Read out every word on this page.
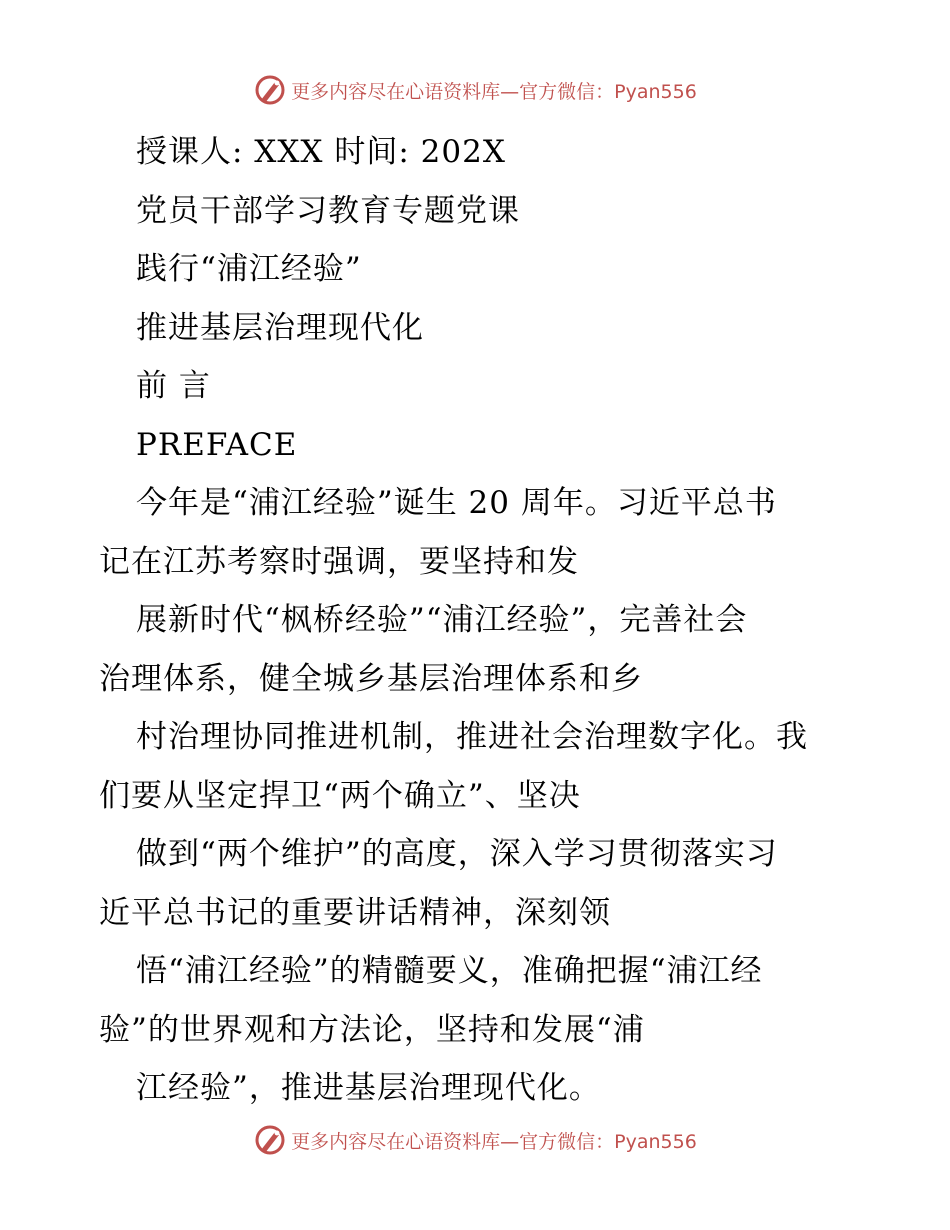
更多内容尽在心语资料库—官方微信：Pyan556
授课人: XXX 时间: 202X
党员干部学习教育专题党课
践行“浦江经验”
推进基层治理现代化
前 言
PREFACE
今年是“浦江经验”诞生 20 周年。习近平总书
记在江苏考察时强调，要坚持和发
展新时代“枫桥经验”“浦江经验”，完善社会
治理体系，健全城乡基层治理体系和乡
村治理协同推进机制，推进社会治理数字化。我
们要从坚定捍卫“两个确立”、坚决
做到“两个维护”的高度，深入学习贯彻落实习
近平总书记的重要讲话精神，深刻领
悟“浦江经验”的精髓要义，准确把握“浦江经
验”的世界观和方法论，坚持和发展“浦
江经验”，推进基层治理现代化。
更多内容尽在心语资料库—官方微信：Pyan556
